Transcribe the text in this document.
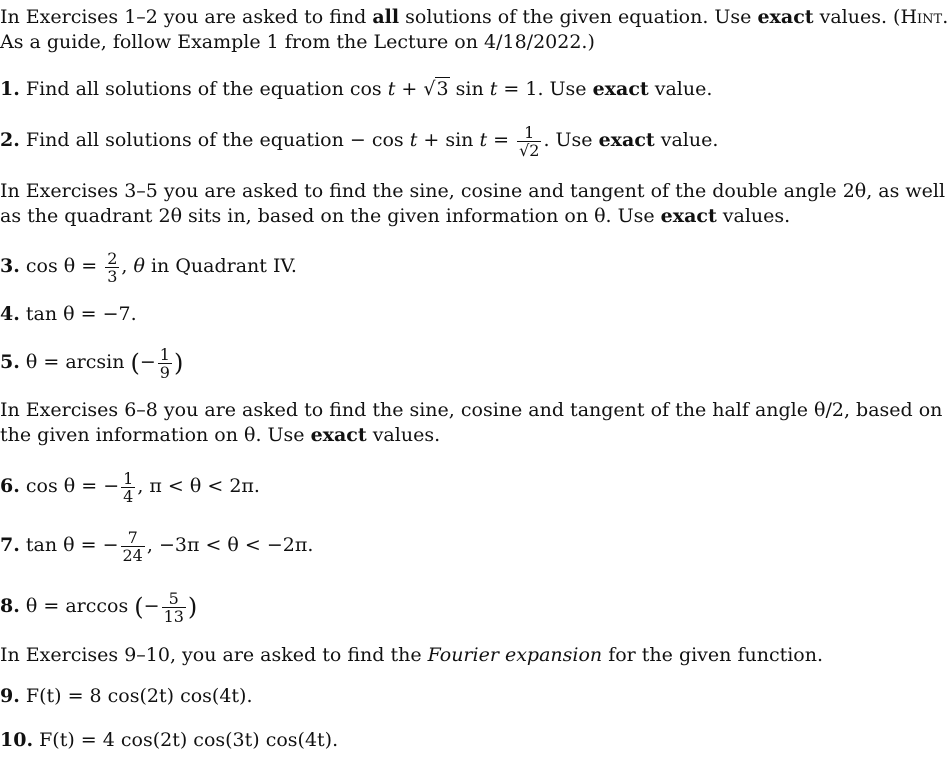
In Exercises 1–2 you are asked to find all solutions of the given equation. Use exact values. (Hint.
As a guide, follow Example 1 from the Lecture on 4/18/2022.)
1. Find all solutions of the equation cos t + √3 sin t = 1. Use exact value.
2. Find all solutions of the equation − $\cos t + \sin t = \frac{1}{√2}$ . Use exact value.
In Exercises 3–5 you are asked to find the sine, cosine and tangent of the double angle 2θ, as well
as the quadrant 2θ sits in, based on the given information on θ. Use exact values.
3. $\cos \theta = \frac{2}{3}$ , θ in Quadrant IV.
4. tan θ = −7.
5. θ = arcsin (− $\frac{1}{9}$ )
In Exercises 6–8 you are asked to find the sine, cosine and tangent of the half angle θ/2, based on
the given information on θ. Use exact values.
6. cos θ = − $\frac{1}{4}$ , π < θ < 2π.
7. tan θ = − $\frac{7}{24}$ , −3π < θ < −2π.
8. θ = arccos (− $\frac{5}{13}$ )
In Exercises 9–10, you are asked to find the Fourier expansion for the given function.
9. F(t) = 8 cos(2t) cos(4t).
10. F(t) = 4 cos(2t) cos(3t) cos(4t).
